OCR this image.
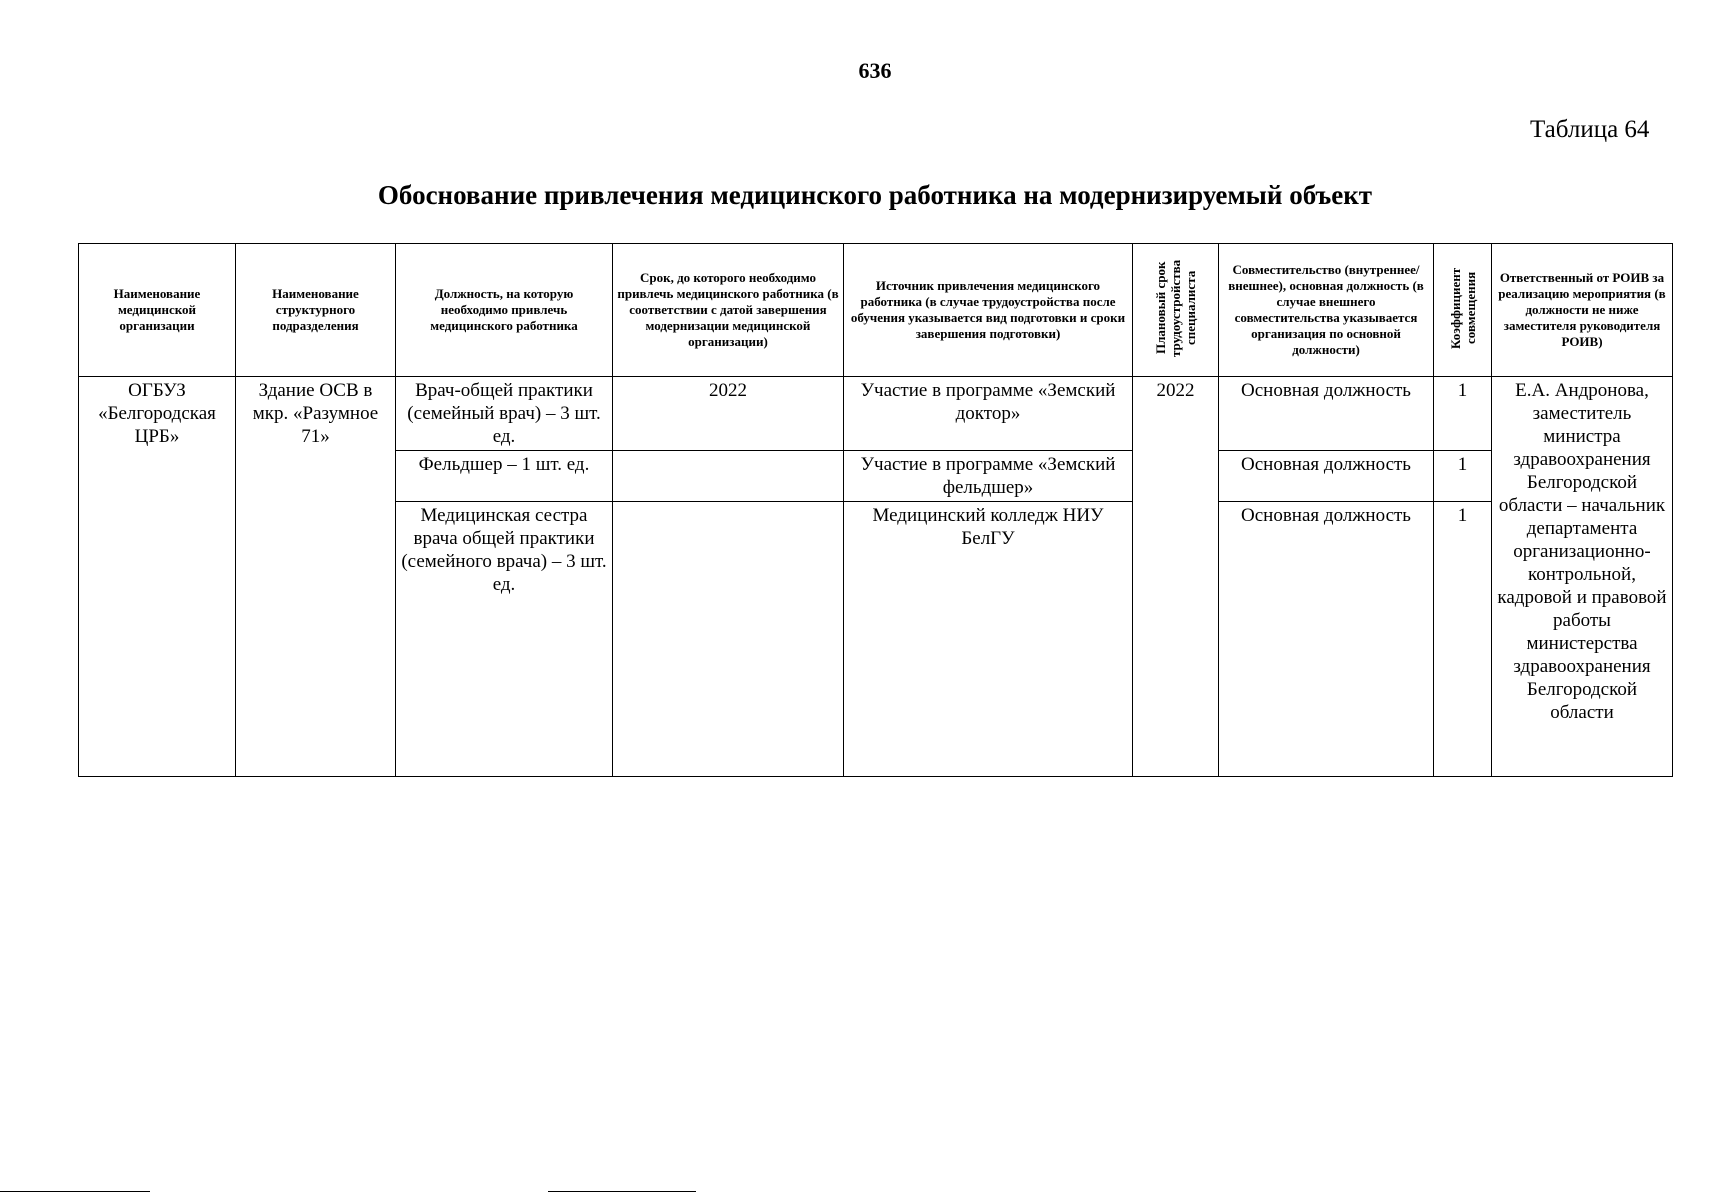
636
Таблица 64
Обоснование привлечения медицинского работника на модернизируемый объект
Наименование медицинской организации	Наименование структурного подразделения	Должность, на которую необходимо привлечь медицинского работника	Срок, до которого необходимо привлечь медицинского работника (в соответствии с датой завершения модернизации медицинской организации)	Источник привлечения медицинского работника (в случае трудоустройства после обучения указывается вид подготовки и сроки завершения подготовки)	Плановый срок трудоустройства специалиста	Совместительство (внутреннее/ внешнее), основная должность (в случае внешнего совместительства указывается организация по основной должности)	Коэффициент совмещения	Ответственный от РОИВ за реализацию мероприятия (в должности не ниже заместителя руководителя РОИВ)
ОГБУЗ «Белгородская ЦРБ»	Здание ОСВ в мкр. «Разумное 71»	Врач-общей практики (семейный врач) – 3 шт. ед.	2022	Участие в программе «Земский доктор»	2022	Основная должность	1	Е.А. Андронова, заместитель министра здравоохранения Белгородской области – начальник департамента организационно-контрольной, кадровой и правовой работы министерства здравоохранения Белгородской области
		Фельдшер – 1 шт. ед.		Участие в программе «Земский фельдшер»		Основная должность	1	
		Медицинская сестра врача общей практики (семейного врача) – 3 шт. ед.		Медицинский колледж НИУ БелГУ		Основная должность	1	
